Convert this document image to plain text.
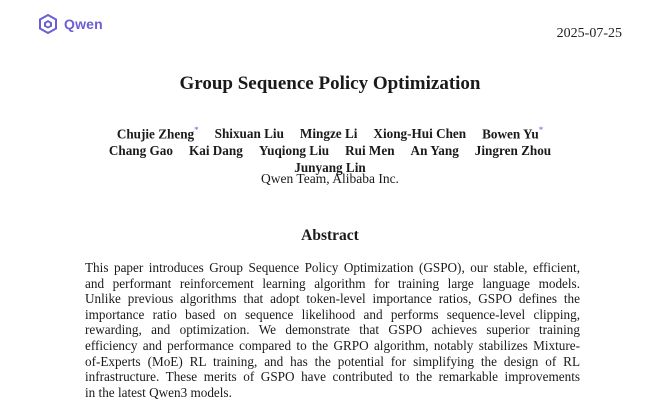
Qwen
2025-07-25
Group Sequence Policy Optimization
Chujie Zheng* Shixuan Liu Mingze Li Xiong-Hui Chen Bowen Yu*
Chang Gao Kai Dang Yuqiong Liu Rui Men An Yang Jingren Zhou
Junyang Lin
Qwen Team, Alibaba Inc.
Abstract
This paper introduces Group Sequence Policy Optimization (GSPO), our stable, efficient,
and performant reinforcement learning algorithm for training large language models.
Unlike previous algorithms that adopt token-level importance ratios, GSPO defines the
importance ratio based on sequence likelihood and performs sequence-level clipping,
rewarding, and optimization. We demonstrate that GSPO achieves superior training
efficiency and performance compared to the GRPO algorithm, notably stabilizes Mixture-
of-Experts (MoE) RL training, and has the potential for simplifying the design of RL
infrastructure. These merits of GSPO have contributed to the remarkable improvements
in the latest Qwen3 models.
